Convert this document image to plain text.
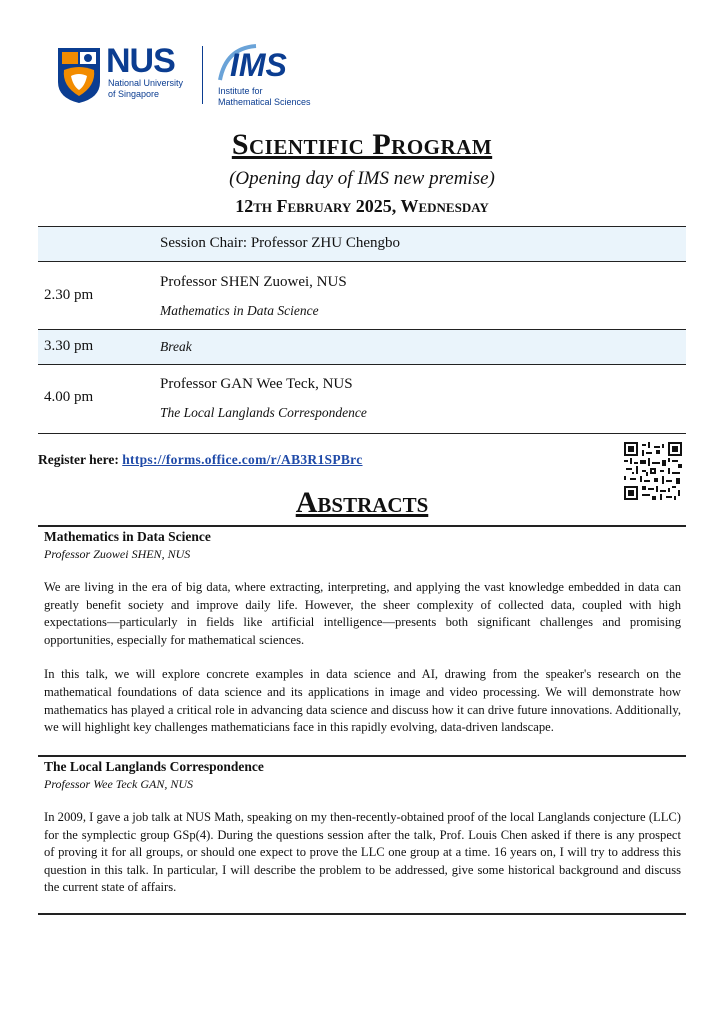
NUS
National University
of Singapore
IMS
Institute for
Mathematical Sciences
Scientific Program
(Opening day of IMS new premise)
12th February 2025, Wednesday
Session Chair: Professor ZHU Chengbo
2.30 pm
Professor SHEN Zuowei, NUS
Mathematics in Data Science
3.30 pm	Break
4.00 pm
Professor GAN Wee Teck, NUS
The Local Langlands Correspondence
Register here: https://forms.office.com/r/AB3R1SPBrc
Abstracts
Mathematics in Data Science
Professor Zuowei SHEN, NUS
We are living in the era of big data, where extracting, interpreting, and applying the vast knowledge embedded in data can greatly benefit society and improve daily life. However, the sheer complexity of collected data, coupled with high expectations—particularly in fields like artificial intelligence—presents both significant challenges and promising opportunities, especially for mathematical sciences.
In this talk, we will explore concrete examples in data science and AI, drawing from the speaker's research on the mathematical foundations of data science and its applications in image and video processing. We will demonstrate how mathematics has played a critical role in advancing data science and discuss how it can drive future innovations. Additionally, we will highlight key challenges mathematicians face in this rapidly evolving, data-driven landscape.
The Local Langlands Correspondence
Professor Wee Teck GAN, NUS
In 2009, I gave a job talk at NUS Math, speaking on my then-recently-obtained proof of the local Langlands conjecture (LLC) for the symplectic group GSp(4). During the questions session after the talk, Prof. Louis Chen asked if there is any prospect of proving it for all groups, or should one expect to prove the LLC one group at a time. 16 years on, I will try to address this question in this talk. In particular, I will describe the problem to be addressed, give some historical background and discuss the current state of affairs.
